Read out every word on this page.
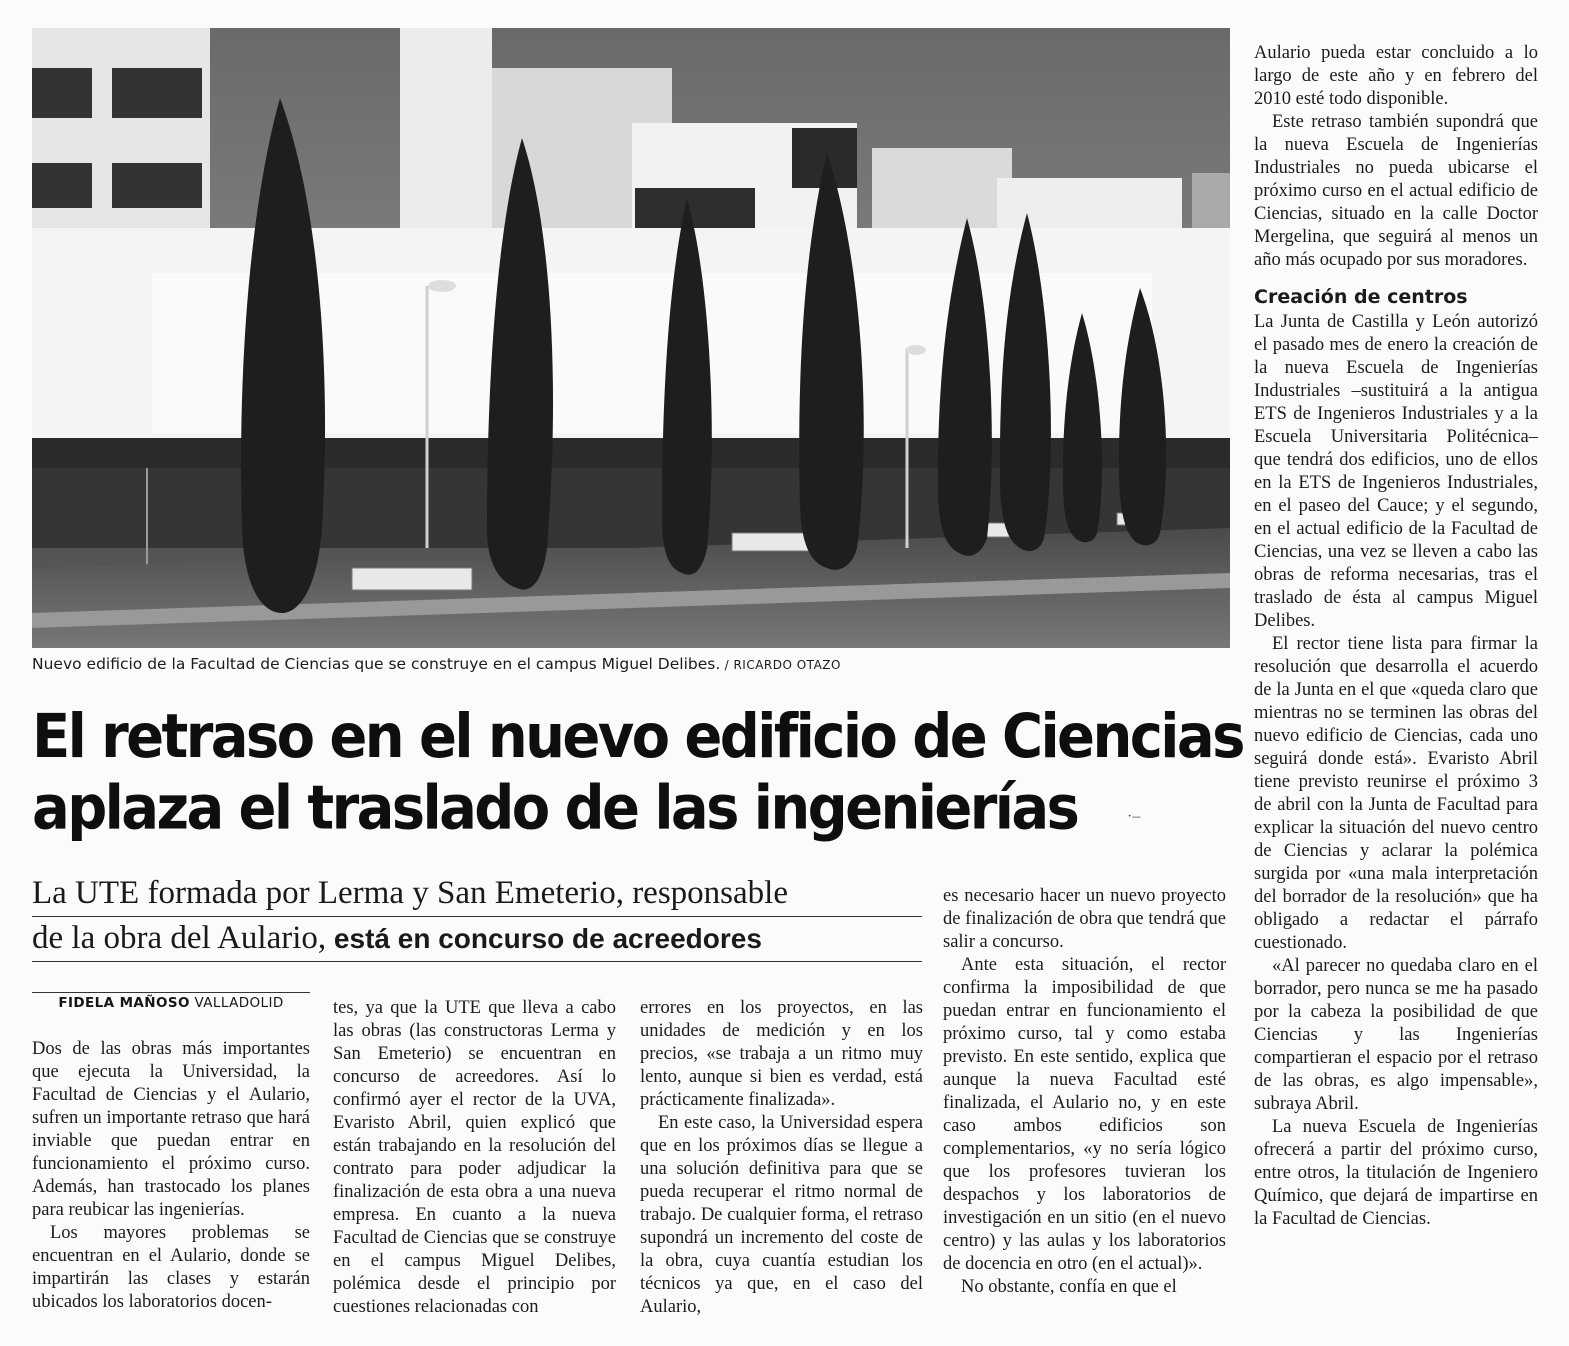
Nuevo edificio de la Facultad de Ciencias que se construye en el campus Miguel Delibes. / RICARDO OTAZO
El retraso en el nuevo edificio de Ciencias
aplaza el traslado de las ingenierías	·–
La UTE formada por Lerma y San Emeterio, responsable
de la obra del Aulario, está en concurso de acreedores
FIDELA MAÑOSO VALLADOLID

Dos de las obras más importantes que ejecuta la Universidad, la Facultad de Ciencias y el Aulario, sufren un importante retraso que hará inviable que puedan entrar en funcionamiento el próximo curso. Además, han trastocado los planes para reubicar las ingenierías.

Los mayores problemas se encuentran en el Aulario, donde se impartirán las clases y estarán ubicados los laboratorios docen-

tes, ya que la UTE que lleva a cabo las obras (las constructoras Lerma y San Emeterio) se encuentran en concurso de acreedores. Así lo confirmó ayer el rector de la UVA, Evaristo Abril, quien explicó que están trabajando en la resolución del contrato para poder adjudicar la finalización de esta obra a una nueva empresa. En cuanto a la nueva Facultad de Ciencias que se construye en el campus Miguel Delibes, polémica desde el principio por cuestiones relacionadas con

errores en los proyectos, en las unidades de medición y en los precios, «se trabaja a un ritmo muy lento, aunque si bien es verdad, está prácticamente finalizada».

En este caso, la Universidad espera que en los próximos días se llegue a una solución definitiva para que se pueda recuperar el ritmo normal de trabajo. De cualquier forma, el retraso supondrá un incremento del coste de la obra, cuya cuantía estudian los técnicos ya que, en el caso del Aulario,

es necesario hacer un nuevo proyecto de finalización de obra que tendrá que salir a concurso.

Ante esta situación, el rector confirma la imposibilidad de que puedan entrar en funcionamiento el próximo curso, tal y como estaba previsto. En este sentido, explica que aunque la nueva Facultad esté finalizada, el Aulario no, y en este caso ambos edificios son complementarios, «y no sería lógico que los profesores tuvieran los despachos y los laboratorios de investigación en un sitio (en el nuevo centro) y las aulas y los laboratorios de docencia en otro (en el actual)».

No obstante, confía en que el

Aulario pueda estar concluido a lo largo de este año y en febrero del 2010 esté todo disponible.

Este retraso también supondrá que la nueva Escuela de Ingenierías Industriales no pueda ubicarse el próximo curso en el actual edificio de Ciencias, situado en la calle Doctor Mergelina, que seguirá al menos un año más ocupado por sus moradores.

Creación de centros

La Junta de Castilla y León autorizó el pasado mes de enero la creación de la nueva Escuela de Ingenierías Industriales –sustituirá a la antigua ETS de Ingenieros Industriales y a la Escuela Universitaria Politécnica– que tendrá dos edificios, uno de ellos en la ETS de Ingenieros Industriales, en el paseo del Cauce; y el segundo, en el actual edificio de la Facultad de Ciencias, una vez se lleven a cabo las obras de reforma necesarias, tras el traslado de ésta al campus Miguel Delibes.

El rector tiene lista para firmar la resolución que desarrolla el acuerdo de la Junta en el que «queda claro que mientras no se terminen las obras del nuevo edificio de Ciencias, cada uno seguirá donde está». Evaristo Abril tiene previsto reunirse el próximo 3 de abril con la Junta de Facultad para explicar la situación del nuevo centro de Ciencias y aclarar la polémica surgida por «una mala interpretación del borrador de la resolución» que ha obligado a redactar el párrafo cuestionado.

«Al parecer no quedaba claro en el borrador, pero nunca se me ha pasado por la cabeza la posibilidad de que Ciencias y las Ingenierías compartieran el espacio por el retraso de las obras, es algo impensable», subraya Abril.

La nueva Escuela de Ingenierías ofrecerá a partir del próximo curso, entre otros, la titulación de Ingeniero Químico, que dejará de impartirse en la Facultad de Ciencias.
